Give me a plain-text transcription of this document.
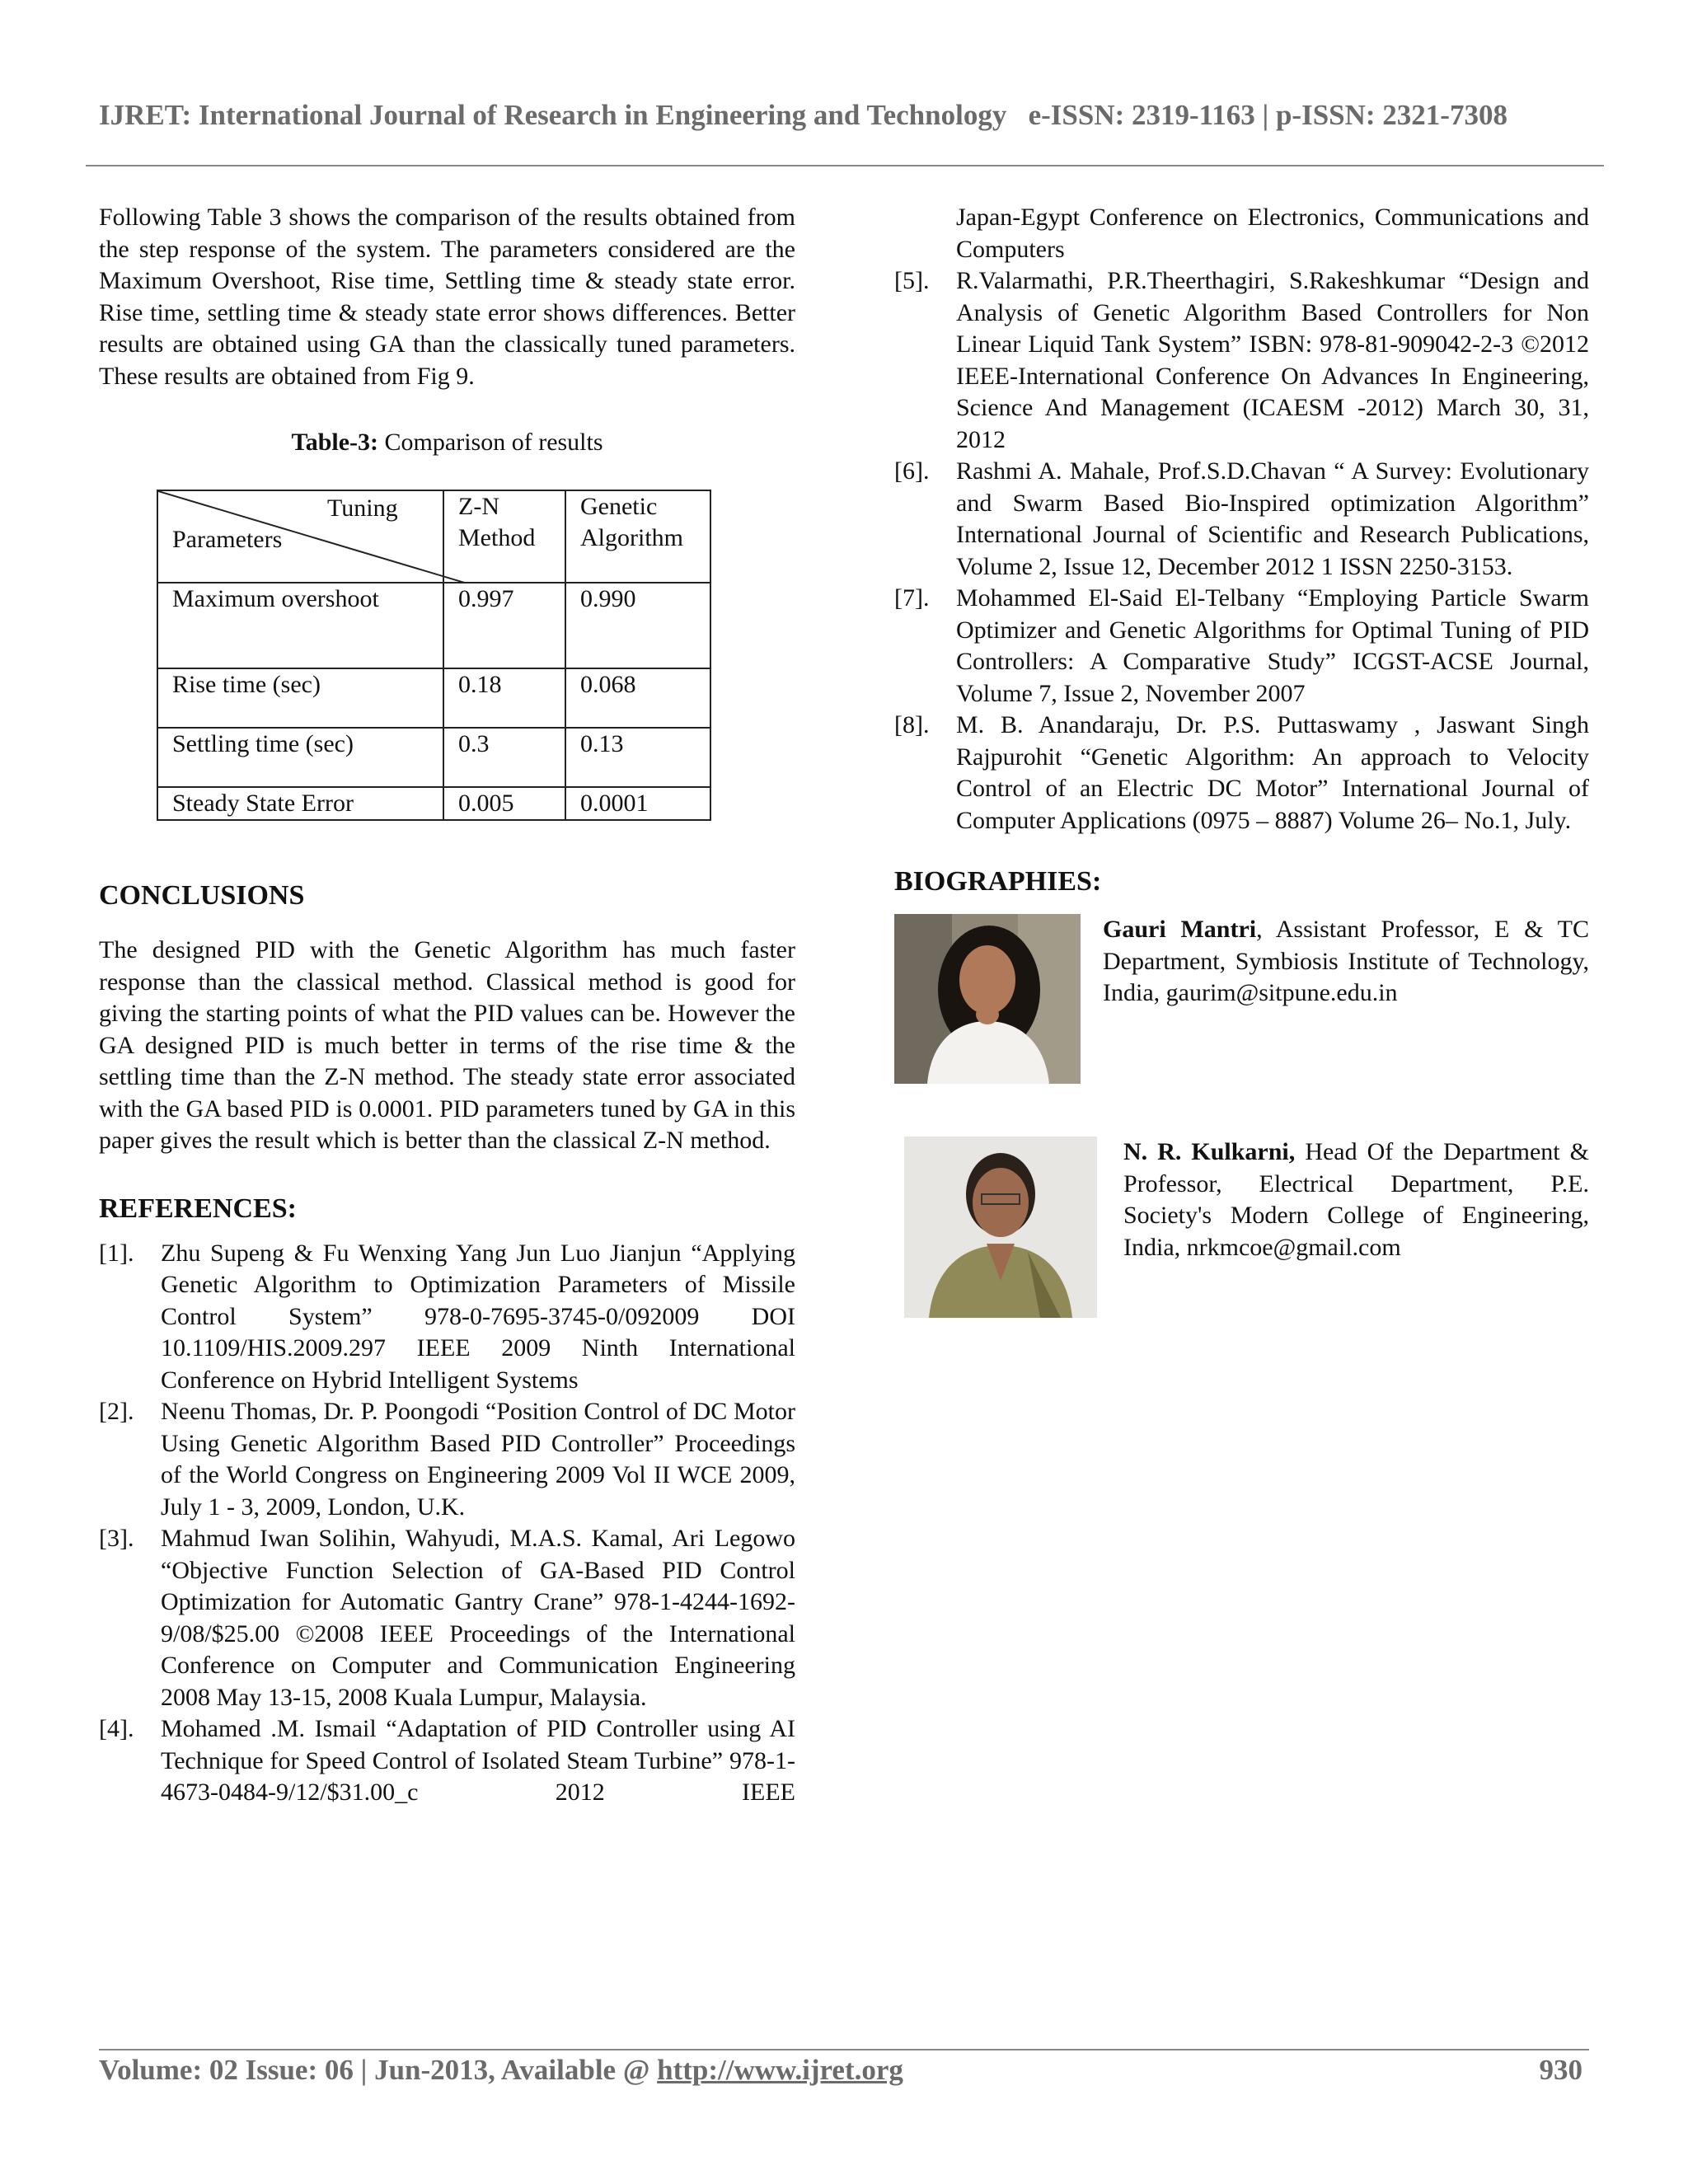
IJRET: International Journal of Research in Engineering and Technology e-ISSN: 2319-1163 | p-ISSN: 2321-7308

Following Table 3 shows the comparison of the results obtained from the step response of the system. The parameters considered are the Maximum Overshoot, Rise time, Settling time & steady state error. Rise time, settling time & steady state error shows differences. Better results are obtained using GA than the classically tuned parameters. These results are obtained from Fig 9.

Table-3: Comparison of results
Tuning
Parameters	Z-N Method	Genetic Algorithm
Maximum overshoot	0.997	0.990
Rise time (sec)	0.18	0.068
Settling time (sec)	0.3	0.13
Steady State Error	0.005	0.0001
CONCLUSIONS

The designed PID with the Genetic Algorithm has much faster response than the classical method. Classical method is good for giving the starting points of what the PID values can be. However the GA designed PID is much better in terms of the rise time & the settling time than the Z-N method. The steady state error associated with the GA based PID is 0.0001. PID parameters tuned by GA in this paper gives the result which is better than the classical Z-N method.

REFERENCES:
[1].	Zhu Supeng & Fu Wenxing Yang Jun Luo Jianjun “Applying Genetic Algorithm to Optimization Parameters of Missile Control System” 978-0-7695-3745-0/092009 DOI 10.1109/HIS.2009.297 IEEE 2009 Ninth International Conference on Hybrid Intelligent Systems
[2].	Neenu Thomas, Dr. P. Poongodi “Position Control of DC Motor Using Genetic Algorithm Based PID Controller” Proceedings of the World Congress on Engineering 2009 Vol II WCE 2009, July 1 - 3, 2009, London, U.K.
[3].	Mahmud Iwan Solihin, Wahyudi, M.A.S. Kamal, Ari Legowo “Objective Function Selection of GA-Based PID Control Optimization for Automatic Gantry Crane” 978-1-4244-1692-9/08/$25.00 ©2008 IEEE Proceedings of the International Conference on Computer and Communication Engineering 2008 May 13-15, 2008 Kuala Lumpur, Malaysia.
[4].	Mohamed .M. Ismail “Adaptation of PID Controller using AI Technique for Speed Control of Isolated Steam Turbine” 978-1-4673-0484-9/12/$31.00_c 2012 IEEE
Japan-Egypt Conference on Electronics, Communications and Computers
[5].	R.Valarmathi, P.R.Theerthagiri, S.Rakeshkumar “Design and Analysis of Genetic Algorithm Based Controllers for Non Linear Liquid Tank System” ISBN: 978-81-909042-2-3 ©2012 IEEE-International Conference On Advances In Engineering, Science And Management (ICAESM -2012) March 30, 31, 2012
[6].	Rashmi A. Mahale, Prof.S.D.Chavan “ A Survey: Evolutionary and Swarm Based Bio-Inspired optimization Algorithm” International Journal of Scientific and Research Publications, Volume 2, Issue 12, December 2012 1 ISSN 2250-3153.
[7].	Mohammed El-Said El-Telbany “Employing Particle Swarm Optimizer and Genetic Algorithms for Optimal Tuning of PID Controllers: A Comparative Study” ICGST-ACSE Journal, Volume 7, Issue 2, November 2007
[8].	M. B. Anandaraju, Dr. P.S. Puttaswamy , Jaswant Singh Rajpurohit “Genetic Algorithm: An approach to Velocity Control of an Electric DC Motor” International Journal of Computer Applications (0975 – 8887) Volume 26– No.1, July.
BIOGRAPHIES:
Gauri Mantri, Assistant Professor, E & TC Department, Symbiosis Institute of Technology, India, gaurim@sitpune.edu.in
N. R. Kulkarni, Head Of the Department & Professor, Electrical Department, P.E. Society's Modern College of Engineering, India, nrkmcoe@gmail.com
Volume: 02 Issue: 06 | Jun-2013, Available @ http://www.ijret.org	930
